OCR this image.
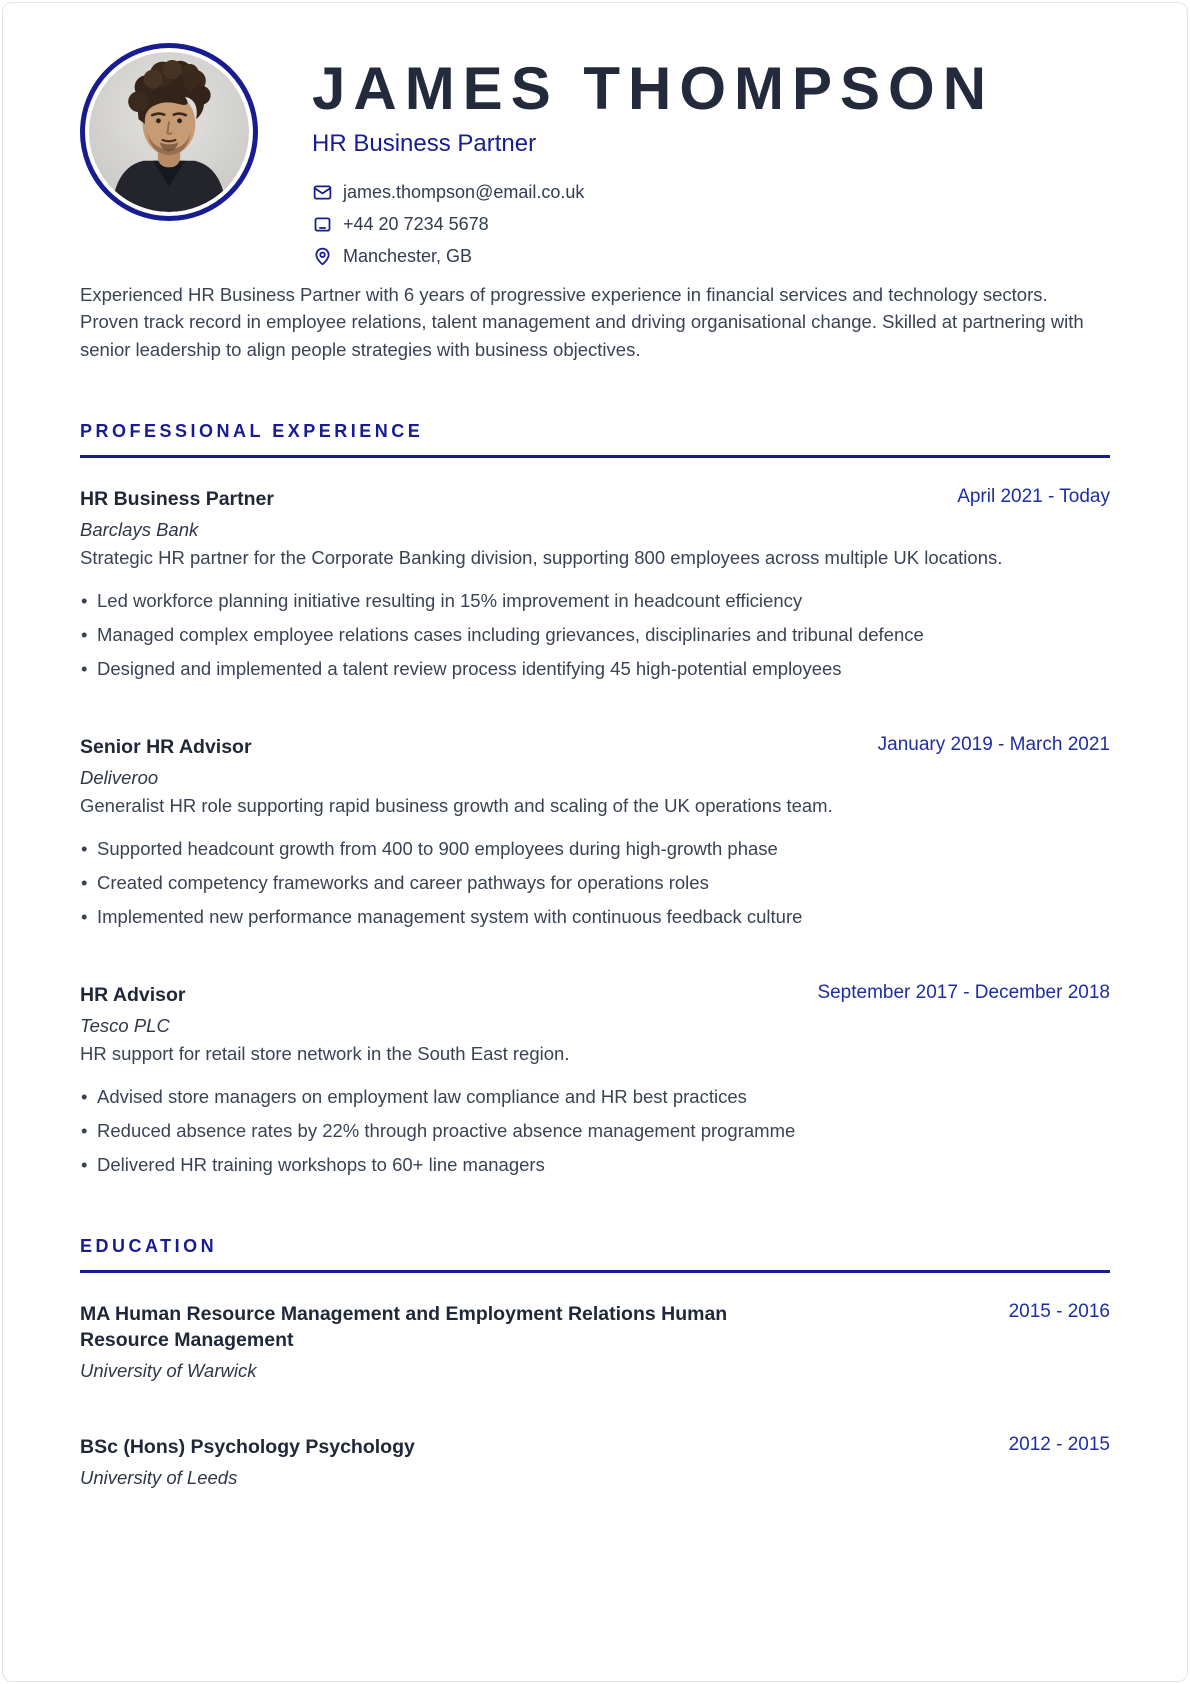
JAMES THOMPSON
HR Business Partner
james.thompson@email.co.uk
+44 20 7234 5678
Manchester, GB

Experienced HR Business Partner with 6 years of progressive experience in financial services and technology sectors. Proven track record in employee relations, talent management and driving organisational change. Skilled at partnering with senior leadership to align people strategies with business objectives.

PROFESSIONAL EXPERIENCE
HR Business Partner	April 2021 - Today
Barclays Bank

Strategic HR partner for the Corporate Banking division, supporting 800 employees across multiple UK locations.

• Led workforce planning initiative resulting in 15% improvement in headcount efficiency
• Managed complex employee relations cases including grievances, disciplinaries and tribunal defence
• Designed and implemented a talent review process identifying 45 high-potential employees
Senior HR Advisor	January 2019 - March 2021
Deliveroo

Generalist HR role supporting rapid business growth and scaling of the UK operations team.

• Supported headcount growth from 400 to 900 employees during high-growth phase
• Created competency frameworks and career pathways for operations roles
• Implemented new performance management system with continuous feedback culture
HR Advisor	September 2017 - December 2018
Tesco PLC

HR support for retail store network in the South East region.

• Advised store managers on employment law compliance and HR best practices
• Reduced absence rates by 22% through proactive absence management programme
• Delivered HR training workshops to 60+ line managers
EDUCATION
MA Human Resource Management and Employment Relations Human Resource Management
2015 - 2016
University of Warwick
BSc (Hons) Psychology Psychology	2012 - 2015
University of Leeds
